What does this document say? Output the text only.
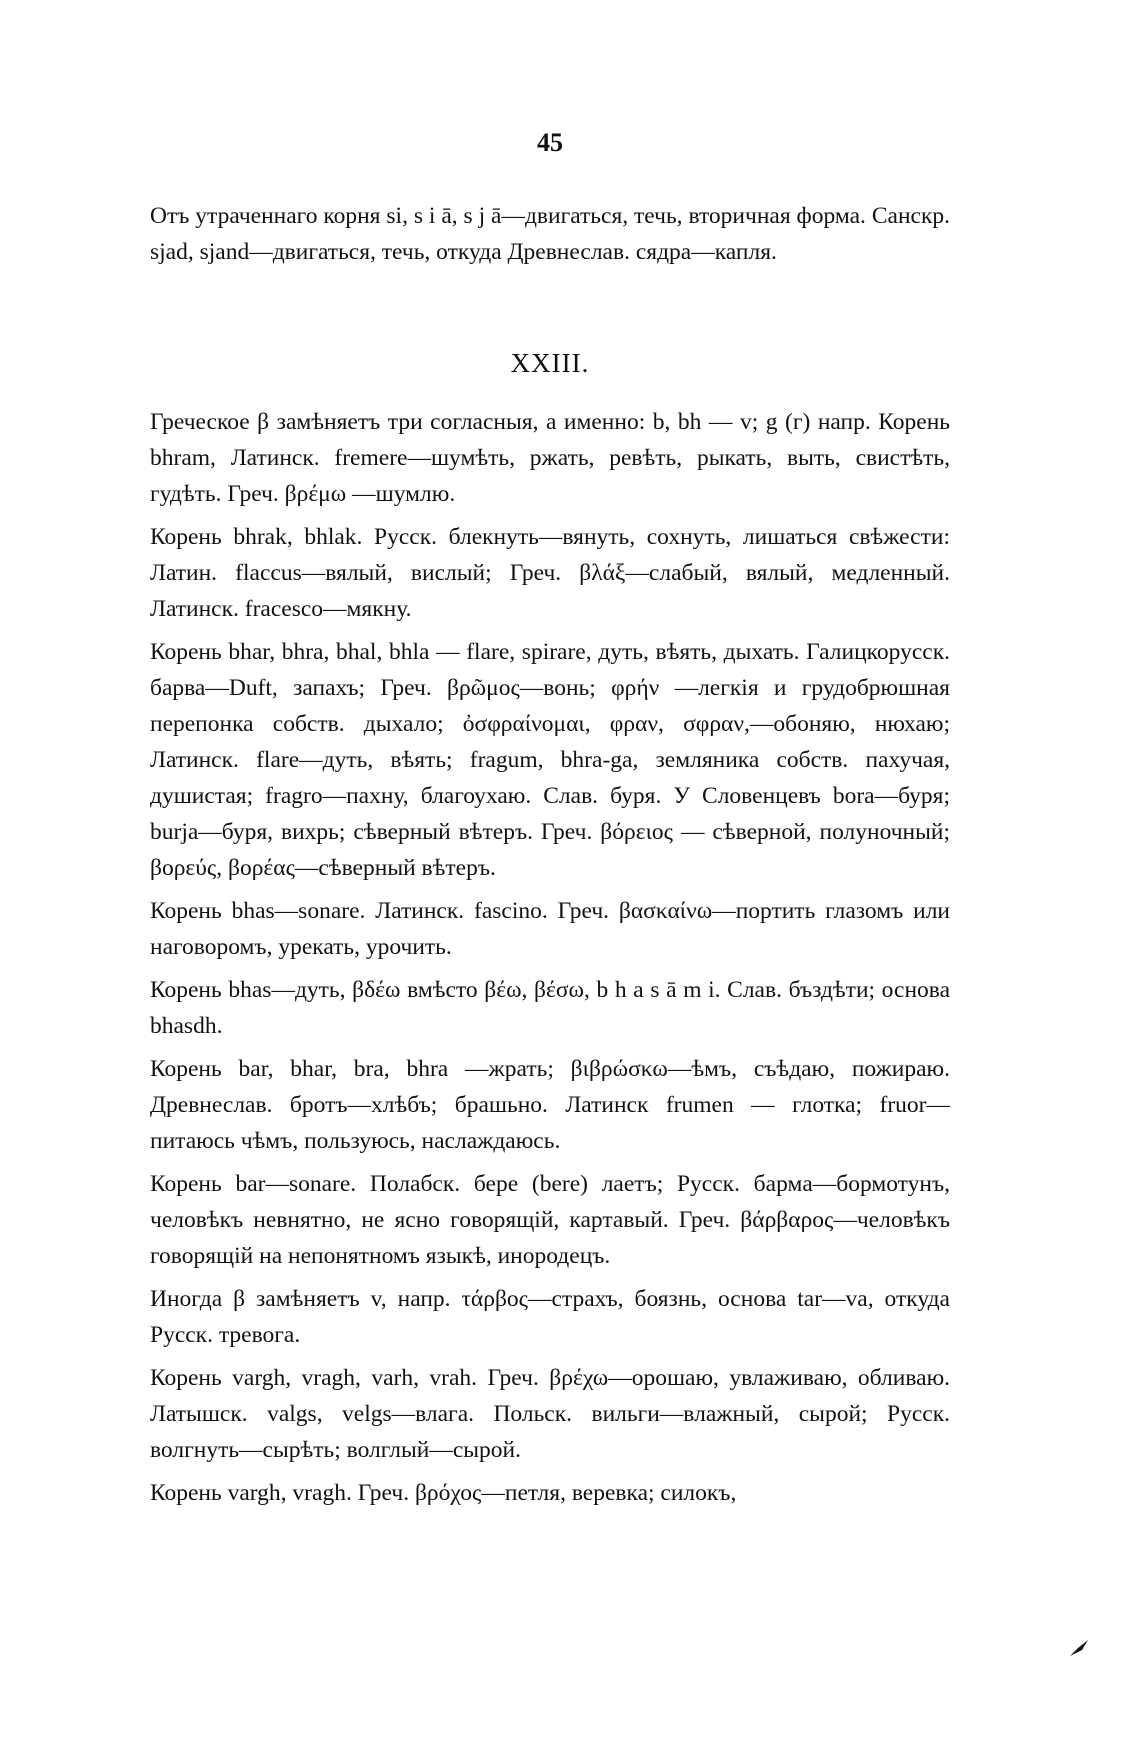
45

Отъ утраченнаго корня si, s i ā, s j ā—двигаться, течь, вторичная форма. Санскр. sjad, sjand—двигаться, течь, откуда Древнеслав. сядра—капля.

XXIII.

Греческое β замѣняетъ три согласныя, а именно: b, bh — v; g (г) напр. Корень bhram, Латинск. fremere—шумѣть, ржать, ревѣть, рыкать, выть, свистѣть, гудѣть. Греч. βρέμω —шумлю.

Корень bhrak, bhlak. Русск. блекнуть—вянуть, сохнуть, лишаться свѣжести: Латин. flaccus—вялый, вислый; Греч. βλάξ—слабый, вялый, медленный. Латинск. fracesco—мякну.

Корень bhar, bhra, bhal, bhla — flare, spirare, дуть, вѣять, дыхать. Галицкорусск. барва—Duft, запахъ; Греч. βρῶμος—вонь; φρήν —легкія и грудобрюшная перепонка собств. дыхало; ὀσφραίνομαι, φραν, σφραν,—обоняю, нюхаю; Латинск. flare—дуть, вѣять; fragum, bhra-ga, земляника собств. пахучая, душистая; fragro—пахну, благоухаю. Слав. буря. У Словенцевъ bora—буря; burja—буря, вихрь; сѣверный вѣтеръ. Греч. βόρειος — сѣверной, полуночный; βορεύς, βορέας—сѣверный вѣтеръ.

Корень bhas—sonare. Латинск. fascino. Греч. βασκαίνω—портить глазомъ или наговоромъ, урекать, урочить.

Корень bhas—дуть, βδέω вмѣсто βέω, βέσω, b h a s ā m i. Слав. бъздѣти; основа bhasdh.

Корень bar, bhar, bra, bhra —жрать; βιβρώσκω—ѣмъ, съѣдаю, пожираю. Древнеслав. бротъ—хлѣбъ; брашьно. Латинск frumen — глотка; fruor—питаюсь чѣмъ, пользуюсь, наслаждаюсь.

Корень bar—sonare. Полабск. бере (bere) лаетъ; Русск. бармa—бормотунъ, человѣкъ невнятно, не ясно говорящій, картавый. Греч. βάρβαρος—человѣкъ говорящій на непонятномъ языкѣ, инородецъ.

Иногда β замѣняетъ v, напр. τάρβος—страхъ, боязнь, основа tar—va, откуда Русск. тревога.

Корень vargh, vragh, varh, vrah. Греч. βρέχω—орошаю, увлаживаю, обливаю. Латышск. valgs, velgs—влага. Польск. вильги—влажный, сырой; Русск. волгнуть—сырѣть; волглый—сырой.

Корень vargh, vragh. Греч. βρόχος—петля, веревка; силокъ,
